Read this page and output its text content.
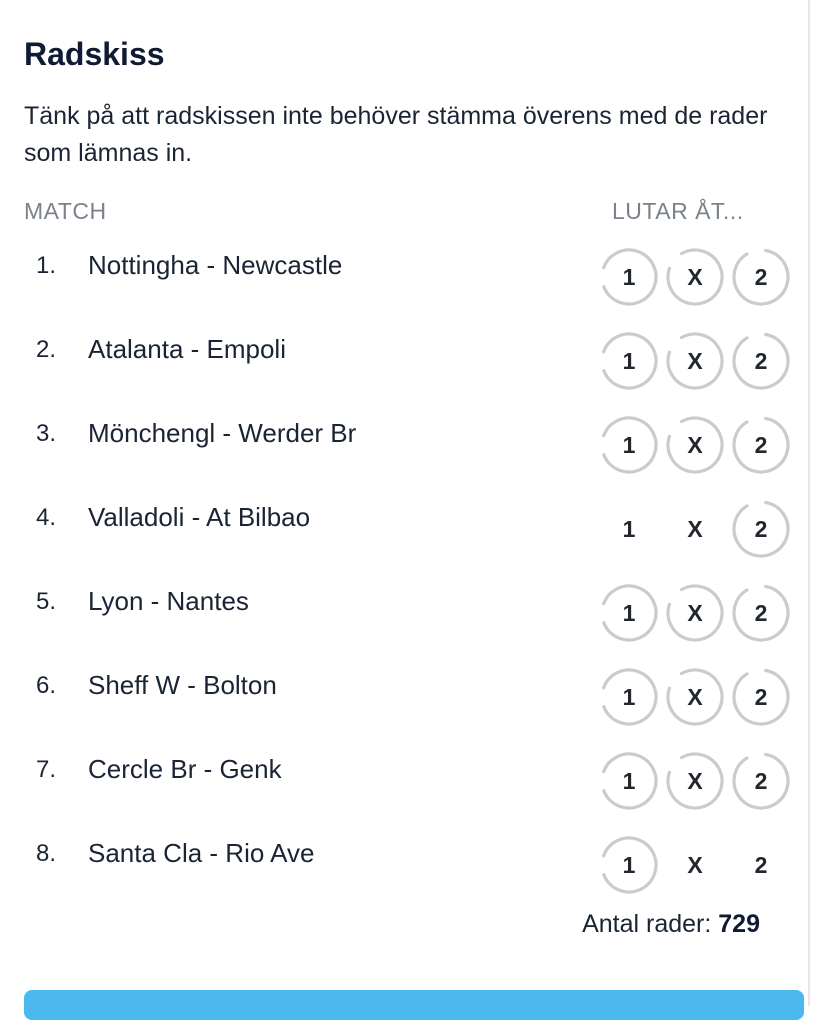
Radskiss

Tänk på att radskissen inte behöver stämma överens med de rader som lämnas in.

MATCH	LUTAR ÅT...
1. Nottingha - Newcastle	1 X 2
2. Atalanta - Empoli	1 X 2
3. Mönchengl - Werder Br	1 X 2
4. Valladoli - At Bilbao	1 X 2
5. Lyon - Nantes	1 X 2
6. Sheff W - Bolton	1 X 2
7. Cercle Br - Genk	1 X 2
8. Santa Cla - Rio Ave	1 X 2
Antal rader: 729
